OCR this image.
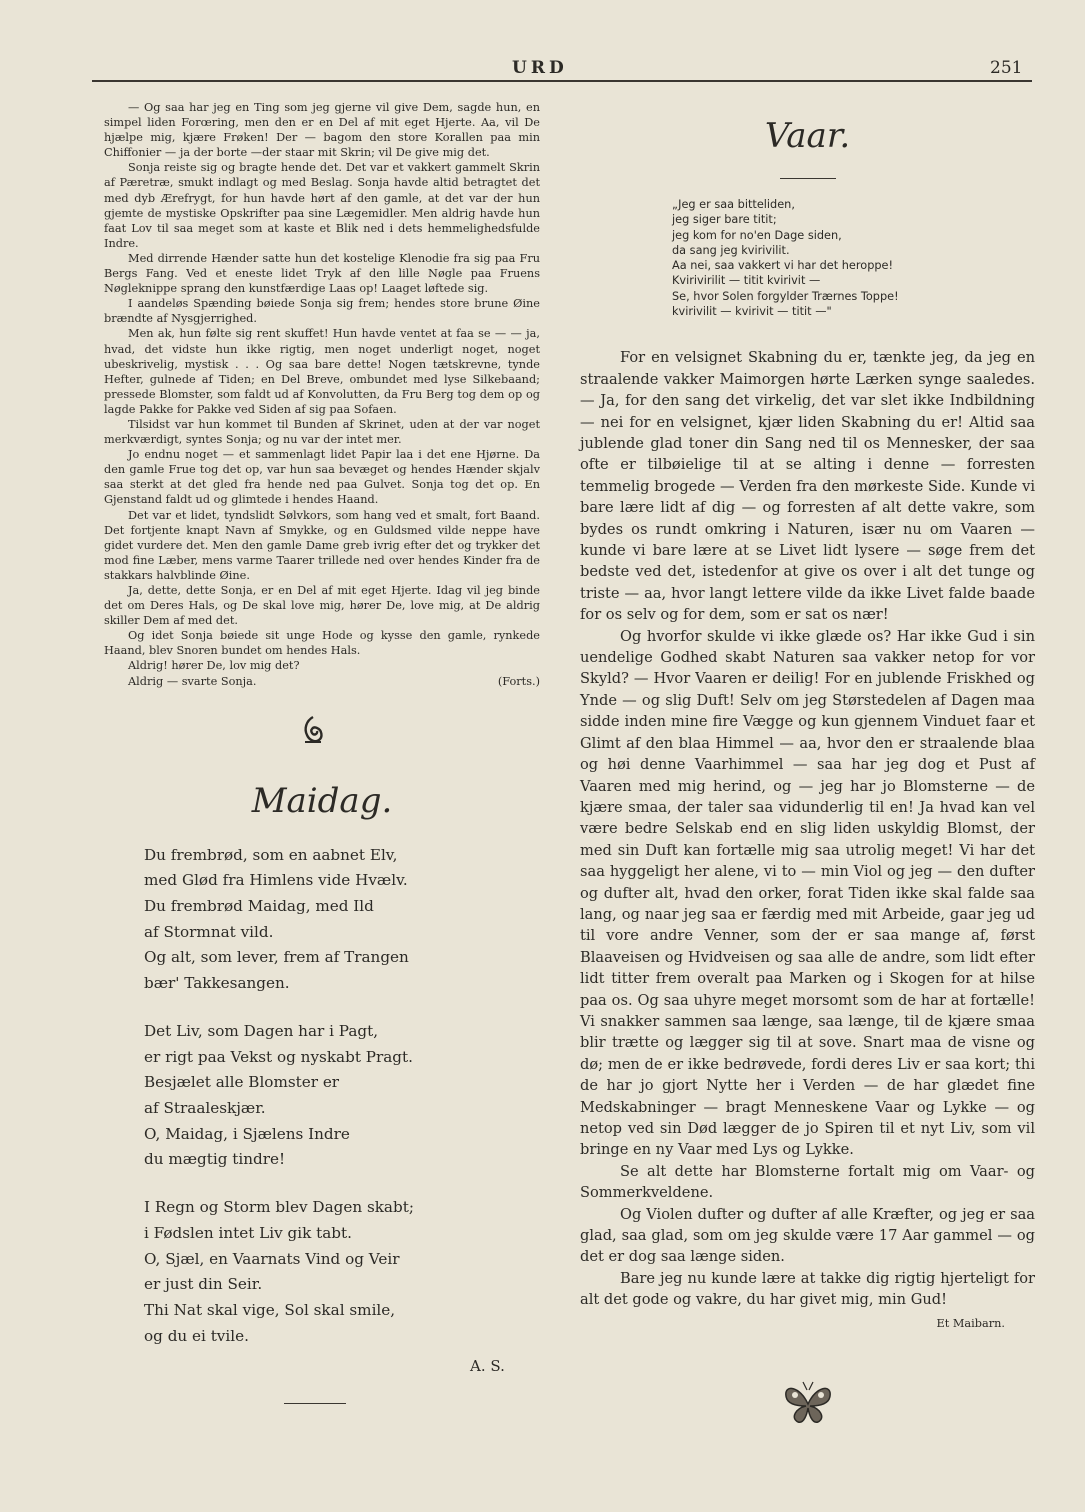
URD	251

— Og saa har jeg en Ting som jeg gjerne vil give Dem, sagde hun, en simpel liden Forœring, men den er en Del af mit eget Hjerte. Aa, vil De hjælpe mig, kjære Frøken! Der — bagom den store Korallen paa min Chiffonier — ja der borte —der staar mit Skrin; vil De give mig det.

Sonja reiste sig og bragte hende det. Det var et vakkert gammelt Skrin af Pæretræ, smukt indlagt og med Beslag. Sonja havde altid betragtet det med dyb Ærefrygt, for hun havde hørt af den gamle, at det var der hun gjemte de mystiske Opskrifter paa sine Lægemidler. Men aldrig havde hun faat Lov til saa meget som at kaste et Blik ned i dets hemmelighedsfulde Indre.

Med dirrende Hænder satte hun det kostelige Klenodie fra sig paa Fru Bergs Fang. Ved et eneste lidet Tryk af den lille Nøgle paa Fruens Nøgleknippe sprang den kunstfærdige Laas op! Laaget løftede sig.

I aandeløs Spænding bøiede Sonja sig frem; hendes store brune Øine brændte af Nysgjerrighed.

Men ak, hun følte sig rent skuffet! Hun havde ventet at faa se — — ja, hvad, det vidste hun ikke rigtig, men noget underligt noget, noget ubeskrivelig, mystisk . . . Og saa bare dette! Nogen tætskrevne, tynde Hefter, gulnede af Tiden; en Del Breve, ombundet med lyse Silkebaand; pressede Blomster, som faldt ud af Konvolutten, da Fru Berg tog dem op og lagde Pakke for Pakke ved Siden af sig paa Sofaen.

Tilsidst var hun kommet til Bunden af Skrinet, uden at der var noget merkværdigt, syntes Sonja; og nu var der intet mer.

Jo endnu noget — et sammenlagt lidet Papir laa i det ene Hjørne. Da den gamle Frue tog det op, var hun saa bevæget og hendes Hænder skjalv saa sterkt at det gled fra hende ned paa Gulvet. Sonja tog det op. En Gjenstand faldt ud og glimtede i hendes Haand.

Det var et lidet, tyndslidt Sølvkors, som hang ved et smalt, fort Baand. Det fortjente knapt Navn af Smykke, og en Guldsmed vilde neppe have gidet vurdere det. Men den gamle Dame greb ivrig efter det og trykker det mod fine Læber, mens varme Taarer trillede ned over hendes Kinder fra de stakkars halvblinde Øine.

Ja, dette, dette Sonja, er en Del af mit eget Hjerte. Idag vil jeg binde det om Deres Hals, og De skal love mig, hører De, love mig, at De aldrig skiller Dem af med det.

Og idet Sonja bøiede sit unge Hode og kysse den gamle, rynkede Haand, blev Snoren bundet om hendes Hals.

Aldrig! hører De, lov mig det?

Aldrig — svarte Sonja.	(Forts.)
Maidag.
Du frembrød, som en aabnet Elv,
med Glød fra Himlens vide Hvælv.
Du frembrød Maidag, med Ild
af Stormnat vild.
Og alt, som lever, frem af Trangen
bær' Takkesangen.
Det Liv, som Dagen har i Pagt,
er rigt paa Vekst og nyskabt Pragt.
Besjælet alle Blomster er
af Straaleskjær.
O, Maidag, i Sjælens Indre
du mægtig tindre!
I Regn og Storm blev Dagen skabt;
i Fødslen intet Liv gik tabt.
O, Sjæl, en Vaarnats Vind og Veir
er just din Seir.
Thi Nat skal vige, Sol skal smile,
og du ei tvile.
A. S.
Vaar.
„Jeg er saa bitteliden,
jeg siger bare titit;
jeg kom for no'en Dage siden,
da sang jeg kvirivilit.
Aa nei, saa vakkert vi har det heroppe!
Kvirivirilit — titit kvirivit —
Se, hvor Solen forgylder Trærnes Toppe!
kvirivilit — kvirivit — titit —"

For en velsignet Skabning du er, tænkte jeg, da jeg en straalende vakker Maimorgen hørte Lærken synge saaledes. — Ja, for den sang det virkelig, det var slet ikke Indbildning — nei for en velsignet, kjær liden Skabning du er! Altid saa jublende glad toner din Sang ned til os Mennesker, der saa ofte er tilbøielige til at se alting i denne — forresten temmelig brogede — Verden fra den mørkeste Side. Kunde vi bare lære lidt af dig — og forresten af alt dette vakre, som bydes os rundt omkring i Naturen, især nu om Vaaren — kunde vi bare lære at se Livet lidt lysere — søge frem det bedste ved det, istedenfor at give os over i alt det tunge og triste — aa, hvor langt lettere vilde da ikke Livet falde baade for os selv og for dem, som er sat os nær!

Og hvorfor skulde vi ikke glæde os? Har ikke Gud i sin uendelige Godhed skabt Naturen saa vakker netop for vor Skyld? — Hvor Vaaren er deilig! For en jublende Friskhed og Ynde — og slig Duft! Selv om jeg Størstedelen af Dagen maa sidde inden mine fire Vægge og kun gjennem Vinduet faar et Glimt af den blaa Himmel — aa, hvor den er straalende blaa og høi denne Vaarhimmel — saa har jeg dog et Pust af Vaaren med mig herind, og — jeg har jo Blomsterne — de kjære smaa, der taler saa vidunderlig til en! Ja hvad kan vel være bedre Selskab end en slig liden uskyldig Blomst, der med sin Duft kan fortælle mig saa utrolig meget! Vi har det saa hyggeligt her alene, vi to — min Viol og jeg — den dufter og dufter alt, hvad den orker, forat Tiden ikke skal falde saa lang, og naar jeg saa er færdig med mit Arbeide, gaar jeg ud til vore andre Venner, som der er saa mange af, først Blaaveisen og Hvidveisen og saa alle de andre, som lidt efter lidt titter frem overalt paa Marken og i Skogen for at hilse paa os. Og saa uhyre meget morsomt som de har at fortælle! Vi snakker sammen saa længe, saa længe, til de kjære smaa blir trætte og lægger sig til at sove. Snart maa de visne og dø; men de er ikke bedrøvede, fordi deres Liv er saa kort; thi de har jo gjort Nytte her i Verden — de har glædet fine Medskabninger — bragt Menneskene Vaar og Lykke — og netop ved sin Død lægger de jo Spiren til et nyt Liv, som vil bringe en ny Vaar med Lys og Lykke.

Se alt dette har Blomsterne fortalt mig om Vaar- og Sommerkveldene.

Og Violen dufter og dufter af alle Kræfter, og jeg er saa glad, saa glad, som om jeg skulde være 17 Aar gammel — og det er dog saa længe siden.

Bare jeg nu kunde lære at takke dig rigtig hjerteligt for alt det gode og vakre, du har givet mig, min Gud!

Et Maibarn.
